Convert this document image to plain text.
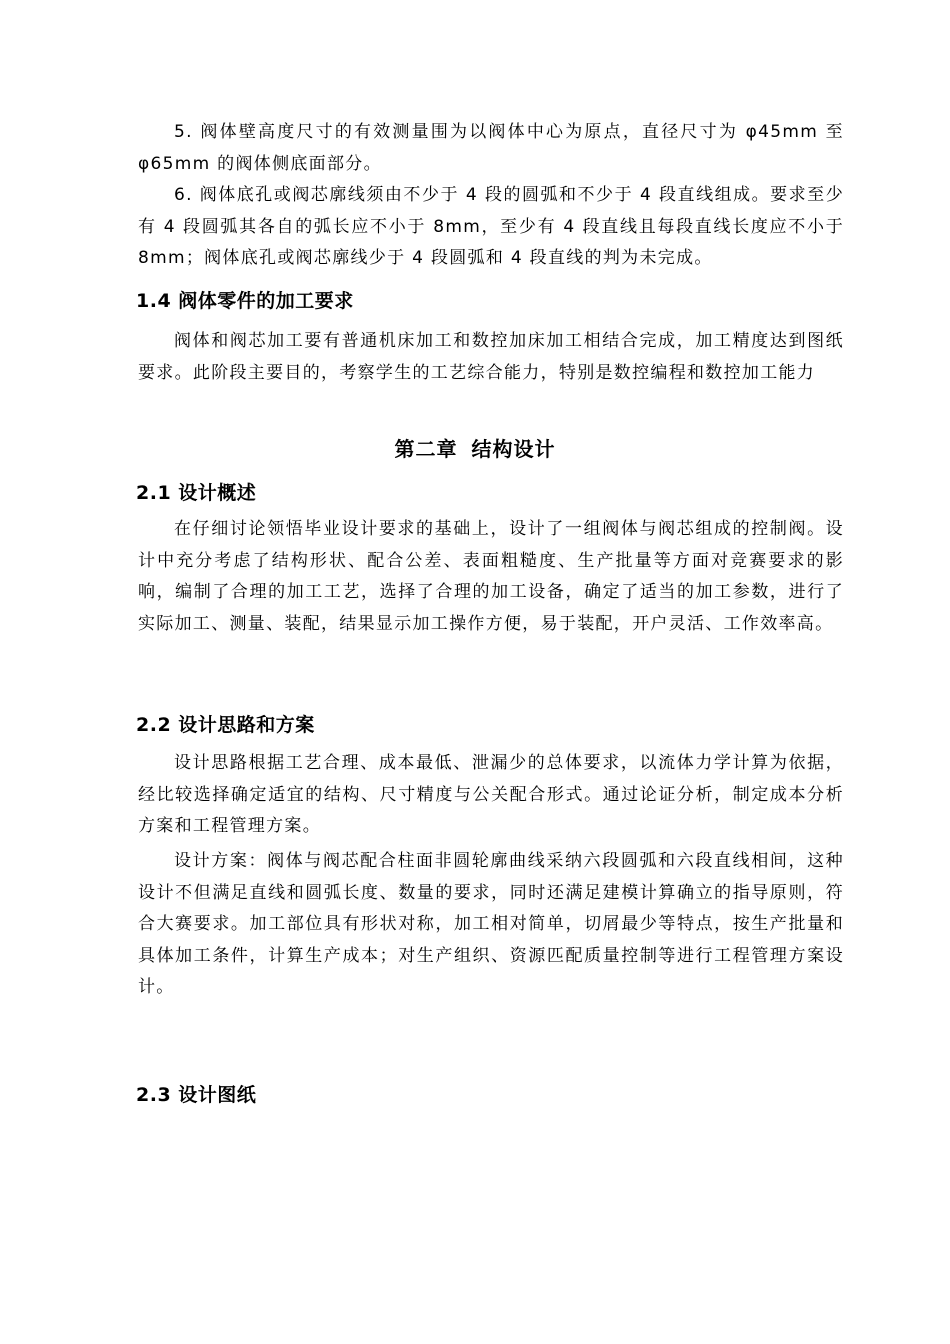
5. 阀体壁高度尺寸的有效测量围为以阀体中心为原点，直径尺寸为 φ45mm 至φ65mm 的阀体侧底面部分。

6. 阀体底孔或阀芯廓线须由不少于 4 段的圆弧和不少于 4 段直线组成。要求至少有 4 段圆弧其各自的弧长应不小于 8mm，至少有 4 段直线且每段直线长度应不小于 8mm；阀体底孔或阀芯廓线少于 4 段圆弧和 4 段直线的判为未完成。

1.4 阀体零件的加工要求

阀体和阀芯加工要有普通机床加工和数控加床加工相结合完成，加工精度达到图纸要求。此阶段主要目的，考察学生的工艺综合能力，特别是数控编程和数控加工能力

第二章 结构设计
2.1 设计概述

在仔细讨论领悟毕业设计要求的基础上，设计了一组阀体与阀芯组成的控制阀。设计中充分考虑了结构形状、配合公差、表面粗糙度、生产批量等方面对竞赛要求的影响，编制了合理的加工工艺，选择了合理的加工设备，确定了适当的加工参数，进行了实际加工、测量、装配，结果显示加工操作方便，易于装配，开户灵活、工作效率高。

2.2 设计思路和方案

设计思路根据工艺合理、成本最低、泄漏少的总体要求，以流体力学计算为依据，经比较选择确定适宜的结构、尺寸精度与公关配合形式。通过论证分析，制定成本分析方案和工程管理方案。

设计方案：阀体与阀芯配合柱面非圆轮廓曲线采纳六段圆弧和六段直线相间，这种设计不但满足直线和圆弧长度、数量的要求，同时还满足建模计算确立的指导原则，符合大赛要求。加工部位具有形状对称，加工相对简单，切屑最少等特点，按生产批量和具体加工条件，计算生产成本；对生产组织、资源匹配质量控制等进行工程管理方案设计。

2.3 设计图纸
